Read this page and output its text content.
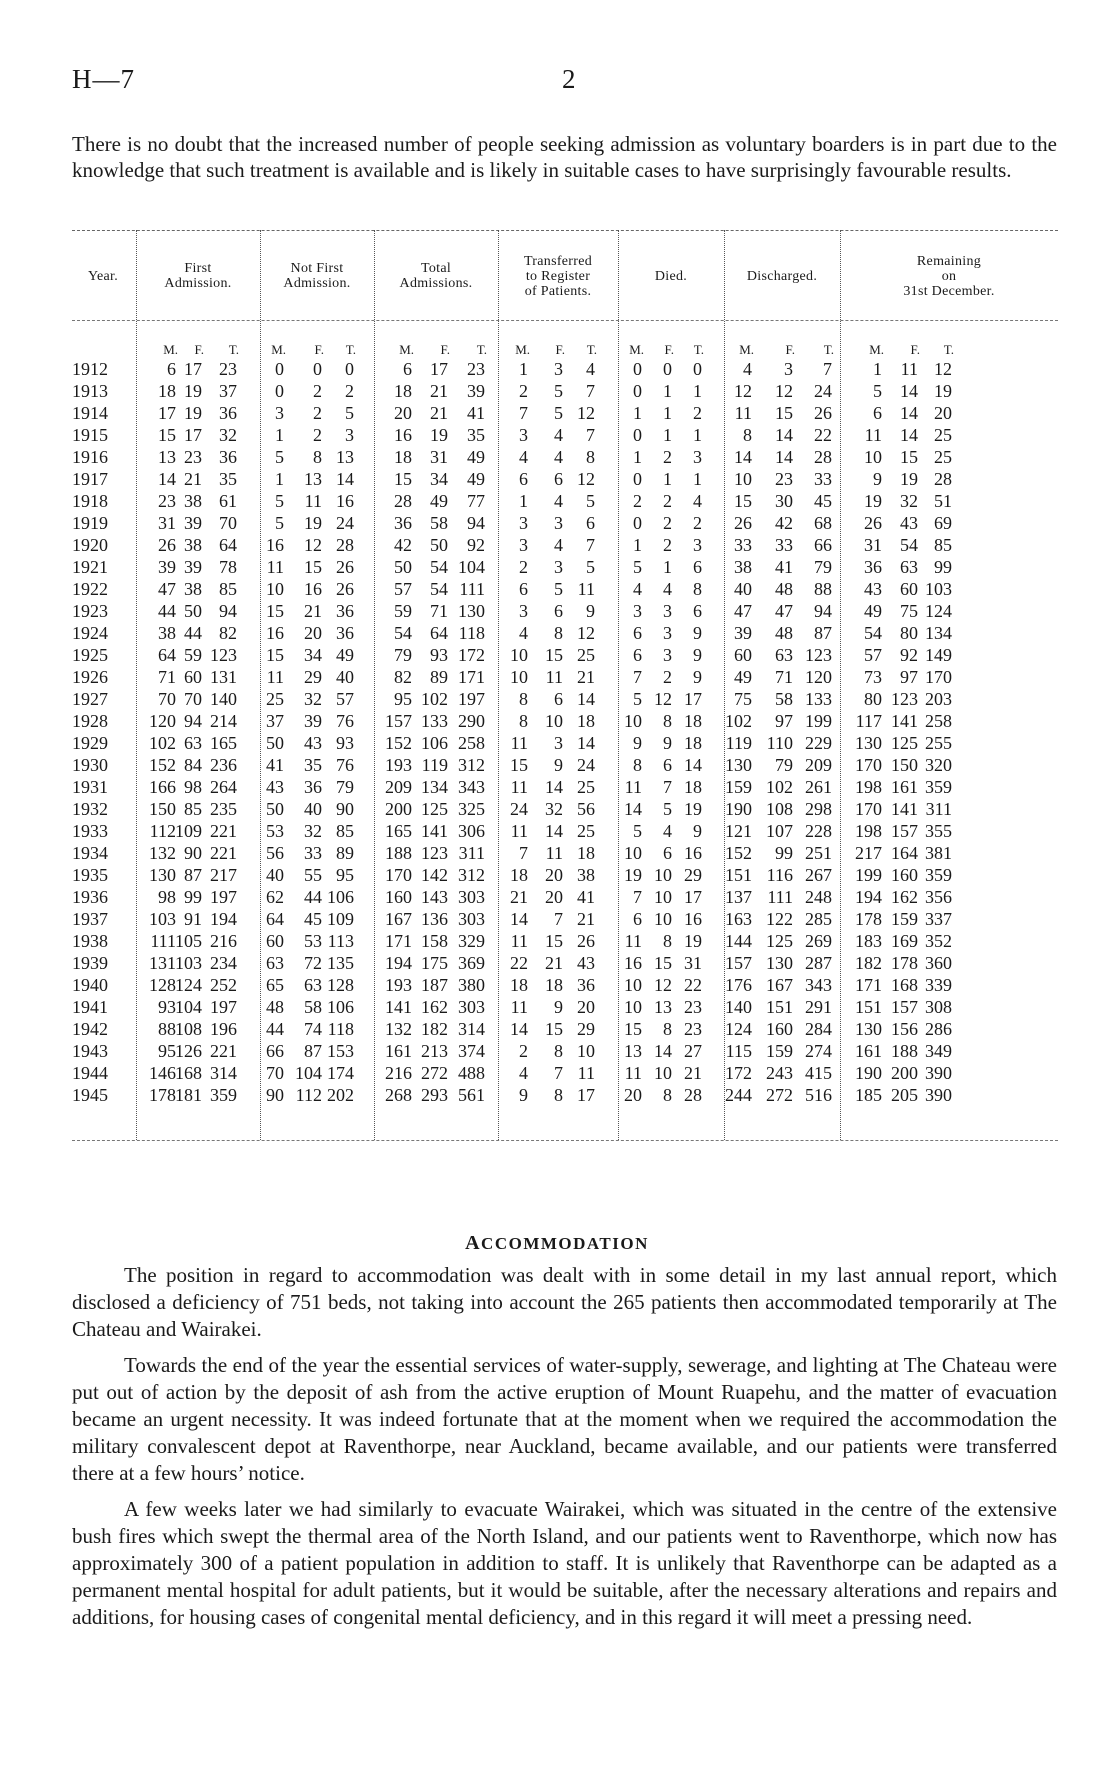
H—7	2

There is no doubt that the increased number of people seeking admission as voluntary boarders is in part due to the knowledge that such treatment is available and is likely in suitable cases to have surprisingly favourable results.

Year.
1912	6 17 23	0	0	0	6	17	23	1	3	4	0	0	0	4	3	7	1	11 12
1913	18 19 37	0	2	2	18	21	39	2	5	7	0	1	1	12	12	24	5	14 19
1914	17 19 36	3	2	5	20	21	41	7	5 12	1	1	2	11	15	26	6	14 20
1915	15 17 32	1	2	3	16	19	35	3	4	7	0	1	1	8	14	22	11	14 25
1916	13 23 36	5	8 13	18	31	49	4	4	8	1	2	3	14	14	28	10	15 25
1917	14 21 35	1	13 14	15	34	49	6	6 12	0	1	1	10	23	33	9	19 28
1918	23 38 61	5	11 16	28	49	77	1	4	5	2	2	4	15	30	45	19	32 51
1919	31 39 70	5	19 24	36	58	94	3	3	6	0	2	2	26	42	68	26	43 69
1920	26 38 64	16	12 28	42	50	92	3	4	7	1	2	3	33	33	66	31	54 85
1921	39 39 78	11	15 26	50	54 104	2	3	5	5	1	6	38	41	79	36	63 99
1922	47 38 85	10	16 26	57	54 111	6	5 11	4	4	8	40	48	88	43	60 103
1923	44 50 94	15	21 36	59	71 130	3	6	9	3	3	6	47	47	94	49	75 124
1924	38 44 82	16	20 36	54	64 118	4	8 12	6	3	9	39	48	87	54	80 134
1925	64 59 123	15	34 49	79	93 172	10 15 25	6	3	9	60	63 123	57	92 149
1926	71 60 131	11	29 40	82	89 171	10 11 21	7	2	9	49	71 120	73	97 170
1927	70 70 140	25	32 57	95 102 197	8	6 14	5 12 17	75	58 133	80 123 203
1928	120 94 214	37	39 76	157 133 290	8 10 18	10	8 18	102	97 199	117 141 258
1929	102 63 165	50	43 93	152 106 258	11	3 14	9	9 18	119 110 229	130 125 255
1930	152 84 236	41	35 76	193 119 312	15	9 24	8	6 14	130	79 209	170 150 320
1931	166 98 264	43	36 79	209 134 343	11 14 25	11	7 18	159 102 261	198 161 359
1932	150 85 235	50	40 90	200 125 325	24 32 56	14	5 19	190 108 298	170 141 311
1933	112 109 221	53	32 85	165 141 306	11 14 25	5	4	9	121 107 228	198 157 355
1934	132 90 221	56	33 89	188 123 311	7 11 18	10	6 16	152	99 251	217 164 381
1935	130 87 217	40	55 95	170 142 312	18 20 38	19 10 29	151 116 267	199 160 359
1936	98 99 197	62	44 106	160 143 303	21 20 41	7 10 17	137 111 248	194 162 356
1937	103 91 194	64	45 109	167 136 303	14	7 21	6 10 16	163 122 285	178 159 337
1938	111 105 216	60	53 113	171 158 329	11 15 26	11	8 19	144 125 269	183 169 352
1939	131 103 234	63	72 135	194 175 369	22 21 43	16 15 31	157 130 287	182 178 360
1940	128 124 252	65	63 128	193 187 380	18 18 36	10 12 22	176 167 343	171 168 339
1941	93 104 197	48	58 106	141 162 303	11	9 20	10 13 23	140 151 291	151 157 308
1942	88 108 196	44	74 118	132 182 314	14 15 29	15	8 23	124 160 284	130 156 286
1943	95 126 221	66	87 153	161 213 374	2	8 10	13 14 27	115 159 274	161 188 349
1944	146 168 314	70 104 174	216 272 488	4	7 11	11 10 21	172 243 415	190 200 390
1945	178 181 359	90 112 202	268 293 561	9	8 17	20	8 28	244 272 516	185 205 390
First
Admission.
M.	F.	T.
Not First
Admission.
M.	F.	T.
Total
Admissions.
M.	F.	T.
Transferred
to Register
of Patients.
M.	F.	T.
Died.
M.	F.	T.
Discharged.
M.	F.	T.
Remaining
on
31st December.
M.	F.	T.
ACCOMMODATION

The position in regard to accommodation was dealt with in some detail in my last annual report, which disclosed a deficiency of 751 beds, not taking into account the 265 patients then accommodated temporarily at The Chateau and Wairakei.

Towards the end of the year the essential services of water-supply, sewerage, and lighting at The Chateau were put out of action by the deposit of ash from the active eruption of Mount Ruapehu, and the matter of evacuation became an urgent necessity. It was indeed fortunate that at the moment when we required the accommodation the military convalescent depot at Raventhorpe, near Auckland, became available, and our patients were transferred there at a few hours’ notice.

A few weeks later we had similarly to evacuate Wairakei, which was situated in the centre of the extensive bush fires which swept the thermal area of the North Island, and our patients went to Raventhorpe, which now has approximately 300 of a patient population in addition to staff. It is unlikely that Raventhorpe can be adapted as a permanent mental hospital for adult patients, but it would be suitable, after the necessary alterations and repairs and additions, for housing cases of congenital mental deficiency, and in this regard it will meet a pressing need.
